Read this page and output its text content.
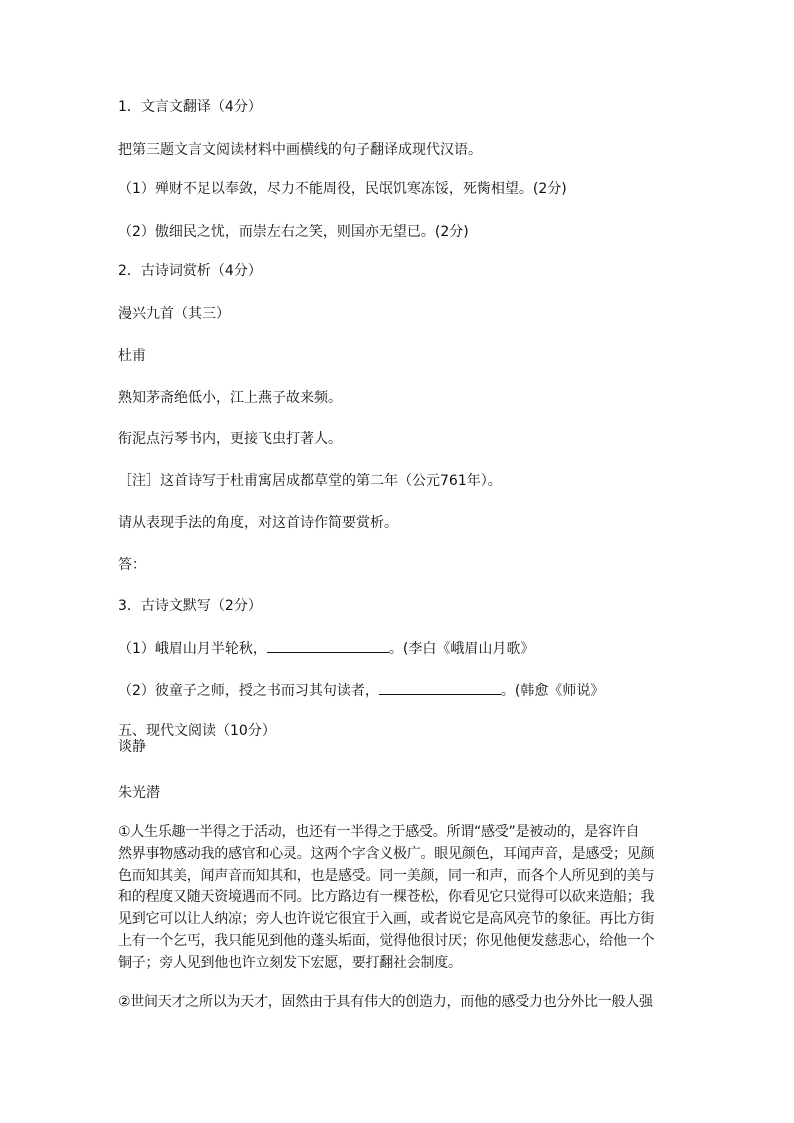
1．文言文翻译（4分）
把第三题文言文阅读材料中画横线的句子翻译成现代汉语。
（1）殚财不足以奉敛，尽力不能周役，民氓饥寒冻馁，死胔相望。(2分)
（2）傲细民之忧，而崇左右之笑，则国亦无望已。(2分)
2．古诗词赏析（4分）
漫兴九首（其三）
杜甫
熟知茅斋绝低小，江上燕子故来频。
衔泥点污琴书内，更接飞虫打著人。
［注］这首诗写于杜甫寓居成都草堂的第二年（公元761年）。
请从表现手法的角度，对这首诗作简要赏析。
答：
3．古诗文默写（2分）
（1）峨眉山月半轮秋，	。(李白《峨眉山月歌》
（2）彼童子之师，授之书而习其句读者，	。(韩愈《师说》
五、现代文阅读（10分）
谈静
朱光潜
①人生乐趣一半得之于活动，也还有一半得之于感受。所谓“感受”是被动的，是容许自
然界事物感动我的感官和心灵。这两个字含义极广。眼见颜色，耳闻声音，是感受；见颜
色而知其美，闻声音而知其和，也是感受。同一美颜，同一和声，而各个人所见到的美与
和的程度又随天资境遇而不同。比方路边有一棵苍松，你看见它只觉得可以砍来造船；我
见到它可以让人纳凉；旁人也许说它很宜于入画，或者说它是高风亮节的象征。再比方街
上有一个乞丐，我只能见到他的蓬头垢面，觉得他很讨厌；你见他便发慈悲心，给他一个
铜子；旁人见到他也许立刻发下宏愿，要打翻社会制度。
②世间天才之所以为天才，固然由于具有伟大的创造力，而他的感受力也分外比一般人强
